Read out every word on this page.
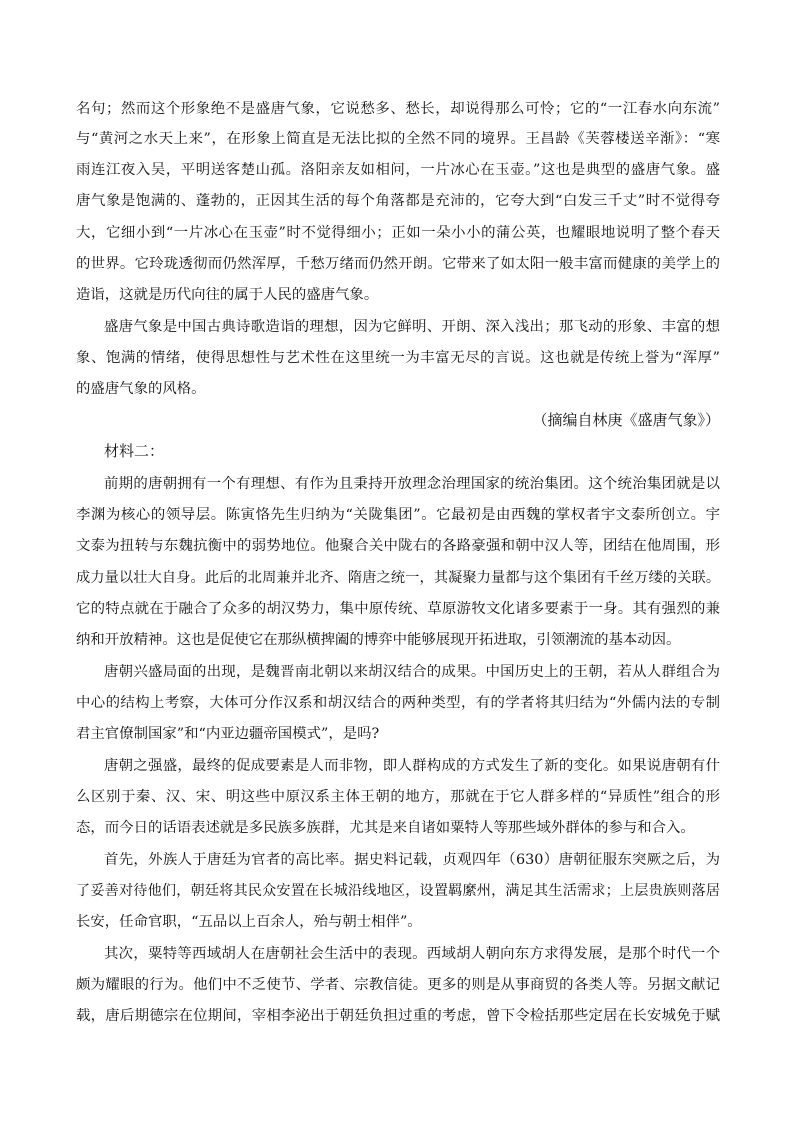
名句；然而这个形象绝不是盛唐气象，它说愁多、愁长，却说得那么可怜；它的“一江春水向东流”
与“黄河之水天上来”，在形象上简直是无法比拟的全然不同的境界。王昌龄《芙蓉楼送辛渐》：“寒
雨连江夜入吴，平明送客楚山孤。洛阳亲友如相问，一片冰心在玉壶。”这也是典型的盛唐气象。盛
唐气象是饱满的、蓬勃的，正因其生活的每个角落都是充沛的，它夸大到“白发三千丈”时不觉得夸
大，它细小到“一片冰心在玉壶”时不觉得细小；正如一朵小小的蒲公英，也耀眼地说明了整个春天
的世界。它玲珑透彻而仍然浑厚，千愁万绪而仍然开朗。它带来了如太阳一般丰富而健康的美学上的
造诣，这就是历代向往的属于人民的盛唐气象。
盛唐气象是中国古典诗歌造诣的理想，因为它鲜明、开朗、深入浅出；那飞动的形象、丰富的想
象、饱满的情绪，使得思想性与艺术性在这里统一为丰富无尽的言说。这也就是传统上誉为“浑厚”
的盛唐气象的风格。
（摘编自林庚《盛唐气象》）
材料二：
前期的唐朝拥有一个有理想、有作为且秉持开放理念治理国家的统治集团。这个统治集团就是以
李渊为核心的领导层。陈寅恪先生归纳为“关陇集团”。它最初是由西魏的掌权者宇文泰所创立。宇
文泰为扭转与东魏抗衡中的弱势地位。他聚合关中陇右的各路豪强和朝中汉人等，团结在他周围，形
成力量以壮大自身。此后的北周兼并北齐、隋唐之统一，其凝聚力量都与这个集团有千丝万缕的关联。
它的特点就在于融合了众多的胡汉势力，集中原传统、草原游牧文化诸多要素于一身。其有强烈的兼
纳和开放精神。这也是促使它在那纵横捭阖的博弈中能够展现开拓进取，引领潮流的基本动因。
唐朝兴盛局面的出现，是魏晋南北朝以来胡汉结合的成果。中国历史上的王朝，若从人群组合为
中心的结构上考察，大体可分作汉系和胡汉结合的两种类型，有的学者将其归结为“外儒内法的专制
君主官僚制国家”和“内亚边疆帝国模式”，是吗?
唐朝之强盛，最终的促成要素是人而非物，即人群构成的方式发生了新的变化。如果说唐朝有什
么区别于秦、汉、宋、明这些中原汉系主体王朝的地方，那就在于它人群多样的“异质性”组合的形
态，而今日的话语表述就是多民族多族群，尤其是来自诸如粟特人等那些域外群体的参与和合入。
首先，外族人于唐廷为官者的高比率。据史料记载，贞观四年（630）唐朝征服东突厥之后，为
了妥善对待他们，朝廷将其民众安置在长城沿线地区，设置羁縻州，满足其生活需求；上层贵族则落居
长安，任命官职，“五品以上百余人，殆与朝士相伴”。
其次，粟特等西域胡人在唐朝社会生活中的表现。西域胡人朝向东方求得发展，是那个时代一个
颇为耀眼的行为。他们中不乏使节、学者、宗教信徒。更多的则是从事商贸的各类人等。另据文献记
载，唐后期德宗在位期间，宰相李泌出于朝廷负担过重的考虑，曾下令检括那些定居在长安城免于赋
